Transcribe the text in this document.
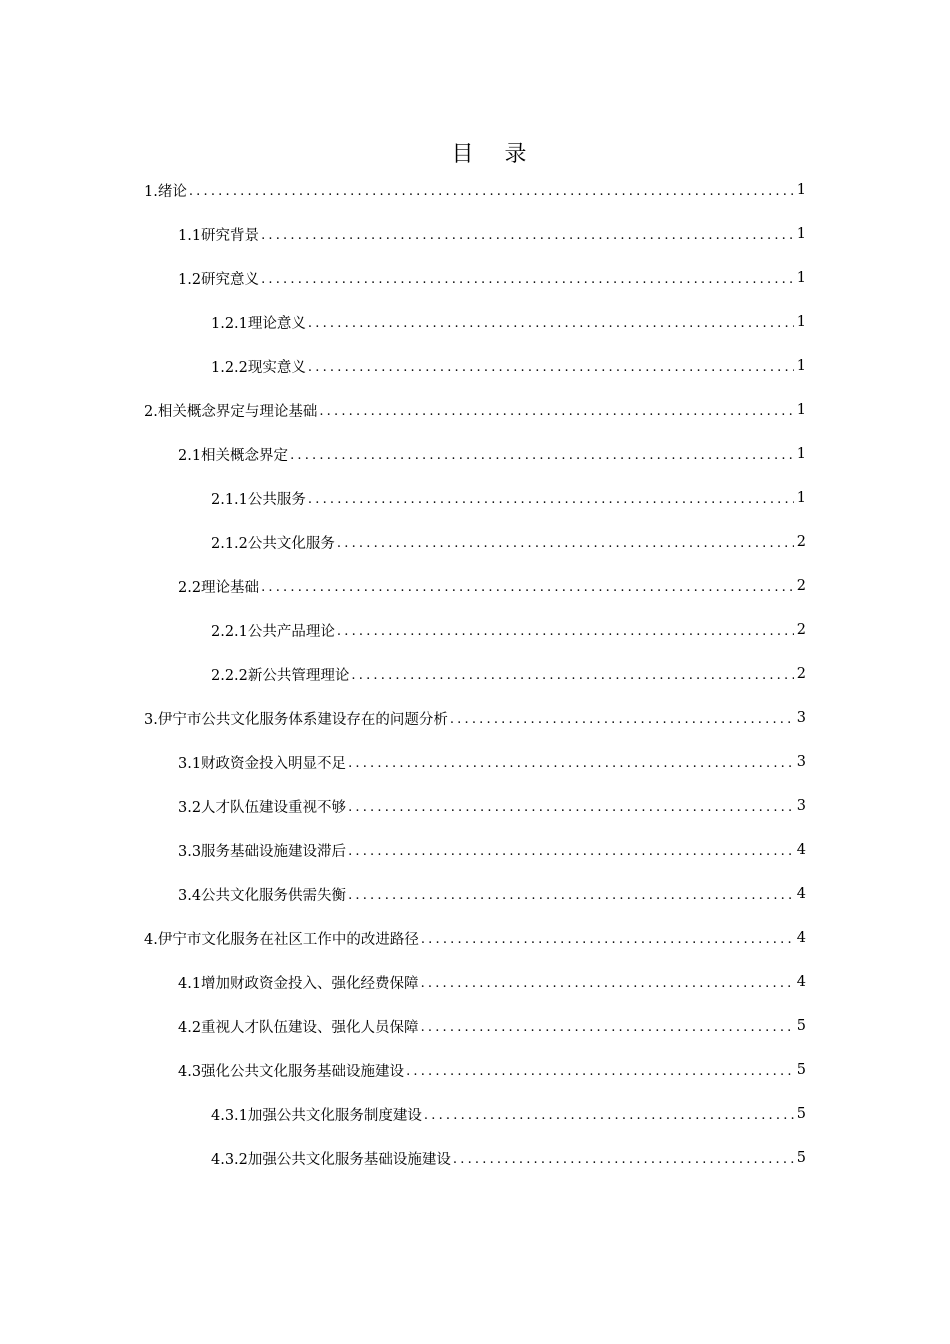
目 录
1.绪论 .....	1
1.1研究背景 .....	1
1.2研究意义 .....	1
1.2.1理论意义 .....	1
1.2.2现实意义 .....	1
2.相关概念界定与理论基础 .....	1
2.1相关概念界定 .....	1
2.1.1公共服务 .....	1
2.1.2公共文化服务 .....	2
2.2理论基础 .....	2
2.2.1公共产品理论 .....	2
2.2.2新公共管理理论 .....	2
3.伊宁市公共文化服务体系建设存在的问题分析 .....	3
3.1财政资金投入明显不足 .....	3
3.2人才队伍建设重视不够 .....	3
3.3服务基础设施建设滞后 .....	4
3.4公共文化服务供需失衡 .....	4
4.伊宁市文化服务在社区工作中的改进路径 .....	4
4.1增加财政资金投入、强化经费保障 .....	4
4.2重视人才队伍建设、强化人员保障 .....	5
4.3强化公共文化服务基础设施建设 .....	5
4.3.1加强公共文化服务制度建设 .....	5
4.3.2加强公共文化服务基础设施建设 .....	5
